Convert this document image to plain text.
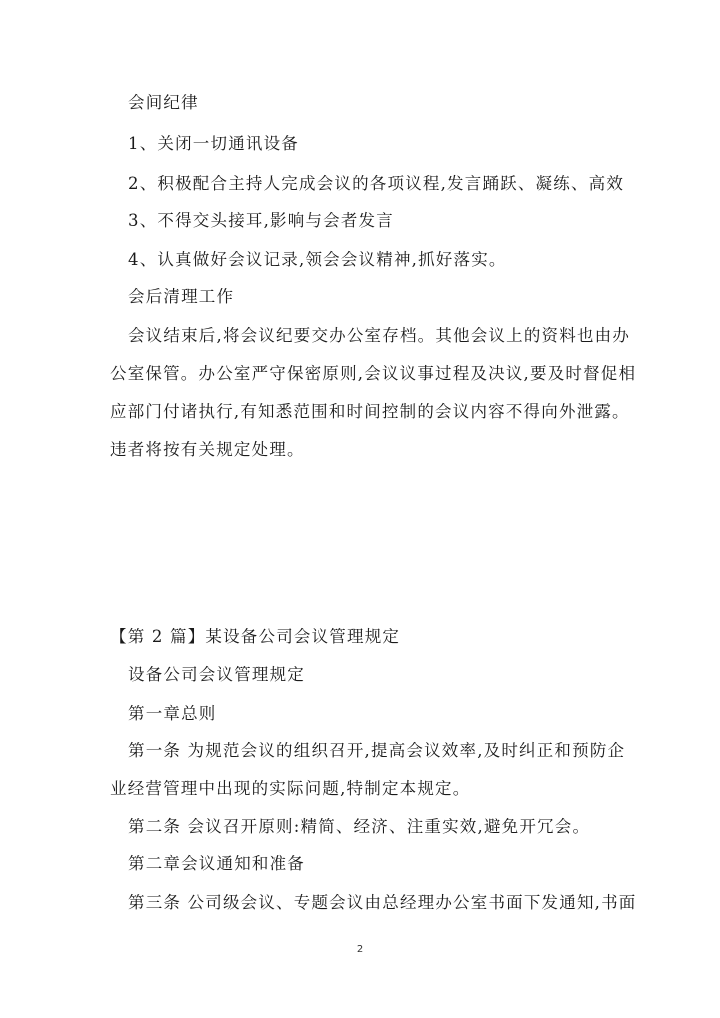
会间纪律
1、关闭一切通讯设备
2、积极配合主持人完成会议的各项议程,发言踊跃、凝练、高效
3、不得交头接耳,影响与会者发言
4、认真做好会议记录,领会会议精神,抓好落实。
会后清理工作
会议结束后,将会议纪要交办公室存档。其他会议上的资料也由办
公室保管。办公室严守保密原则,会议议事过程及决议,要及时督促相
应部门付诸执行,有知悉范围和时间控制的会议内容不得向外泄露。
违者将按有关规定处理。
【第 2 篇】某设备公司会议管理规定
设备公司会议管理规定
第一章总则
第一条 为规范会议的组织召开,提高会议效率,及时纠正和预防企
业经营管理中出现的实际问题,特制定本规定。
第二条 会议召开原则:精简、经济、注重实效,避免开冗会。
第二章会议通知和准备
第三条 公司级会议、专题会议由总经理办公室书面下发通知,书面
2
